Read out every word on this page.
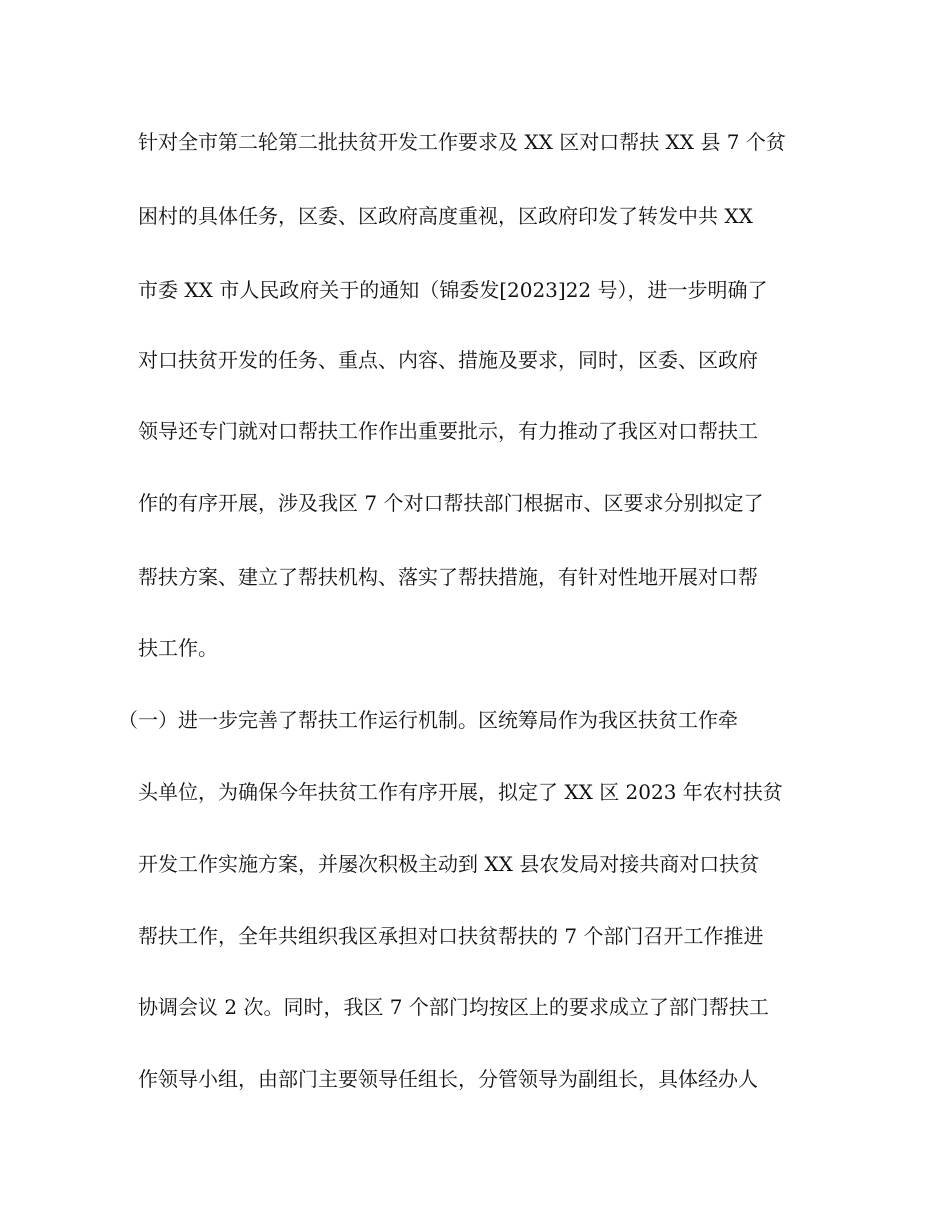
针对全市第二轮第二批扶贫开发工作要求及 XX 区对口帮扶 XX 县 7 个贫

困村的具体任务，区委、区政府高度重视，区政府印发了转发中共 XX

市委 XX 市人民政府关于的通知（锦委发[2023]22 号），进一步明确了

对口扶贫开发的任务、重点、内容、措施及要求，同时，区委、区政府

领导还专门就对口帮扶工作作出重要批示，有力推动了我区对口帮扶工

作的有序开展，涉及我区 7 个对口帮扶部门根据市、区要求分别拟定了

帮扶方案、建立了帮扶机构、落实了帮扶措施，有针对性地开展对口帮

扶工作。

（一）进一步完善了帮扶工作运行机制。区统筹局作为我区扶贫工作牵

头单位，为确保今年扶贫工作有序开展，拟定了 XX 区 2023 年农村扶贫

开发工作实施方案，并屡次积极主动到 XX 县农发局对接共商对口扶贫

帮扶工作，全年共组织我区承担对口扶贫帮扶的 7 个部门召开工作推进

协调会议 2 次。同时，我区 7 个部门均按区上的要求成立了部门帮扶工

作领导小组，由部门主要领导任组长，分管领导为副组长，具体经办人
